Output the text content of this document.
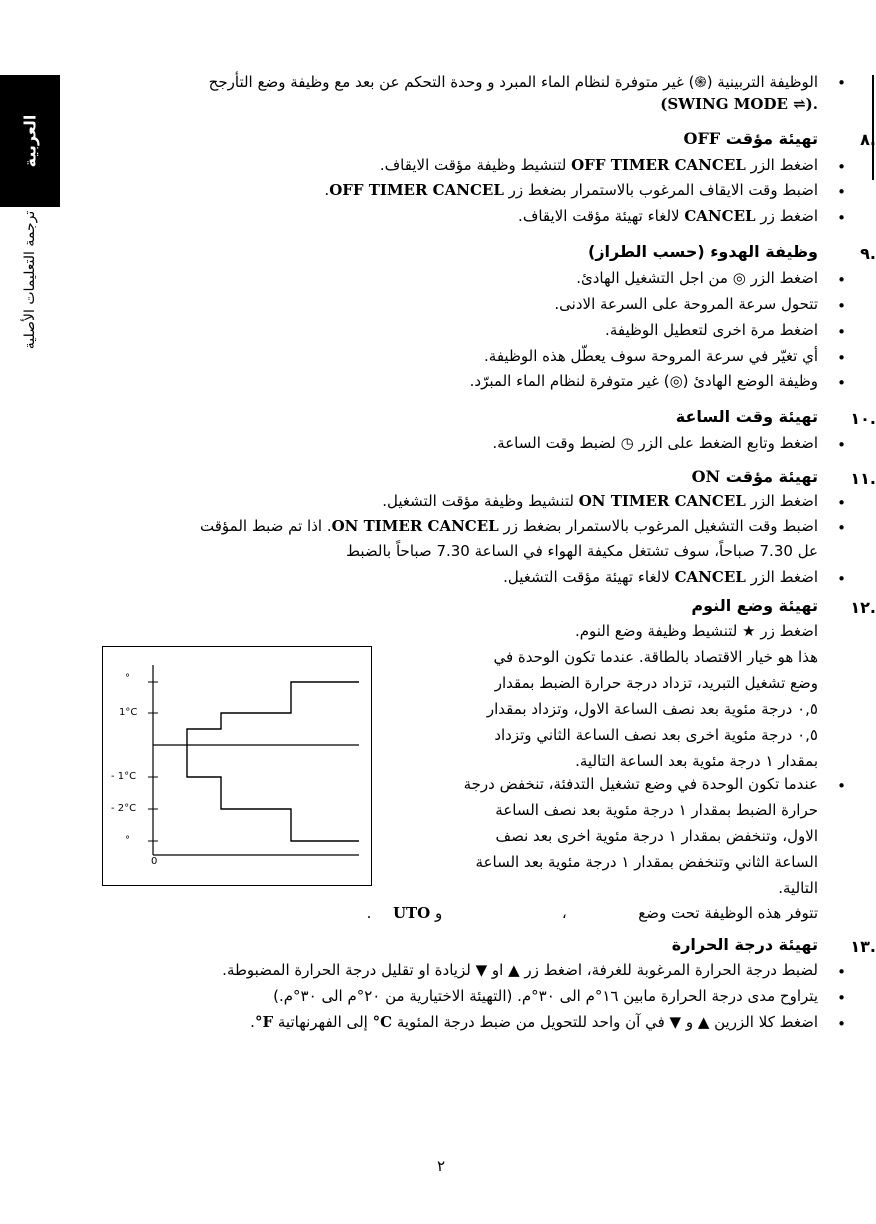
العربية
ترجمة التعليمات الأصلية
•
الوظيفة التربينية (֍) غير متوفرة لنظام الماء المبرد و وحدة التحكم عن بعد مع وظيفة وضع التأرجح
(SWING MODE ⇌).
.٨
تهيئة مؤقت OFF
•
اضغط الزر OFF TIMER CANCEL لتنشيط وظيفة مؤقت الايقاف.
•
اضبط وقت الايقاف المرغوب بالاستمرار بضغط زر OFF TIMER CANCEL.
•
اضغط زر CANCEL لالغاء تهيئة مؤقت الايقاف.
.٩
وظيفة الهدوء (حسب الطراز)
•
اضغط الزر ◎ من اجل التشغيل الهادئ.
•
تتحول سرعة المروحة على السرعة الادنى.
•
اضغط مرة اخرى لتعطيل الوظيفة.
•
أي تغيّر في سرعة المروحة سوف يعطّل هذه الوظيفة.
•
وظيفة الوضع الهادئ (◎) غير متوفرة لنظام الماء المبرّد.
.١٠
تهيئة وقت الساعة
•
اضغط وتابع الضغط على الزر ◷ لضبط وقت الساعة.
.١١
تهيئة مؤقت ON
•
اضغط الزر ON TIMER CANCEL لتنشيط وظيفة مؤقت التشغيل.
•
اضبط وقت التشغيل المرغوب بالاستمرار بضغط زر ON TIMER CANCEL. اذا تم ضبط المؤقت
عل 7.30 صباحاً، سوف تشتغل مكيفة الهواء في الساعة 7.30 صباحاً بالضبط
•
اضغط الزر CANCEL لالغاء تهيئة مؤقت التشغيل.
.١٢
تهيئة وضع النوم
اضغط زر ★ لتنشيط وظيفة وضع النوم.
هذا هو خيار الاقتصاد بالطاقة. عندما تكون الوحدة في
وضع تشغيل التبريد، تزداد درجة حرارة الضبط بمقدار
٠,٥ درجة مئوية بعد نصف الساعة الاول، وتزداد بمقدار
٠,٥ درجة مئوية اخرى بعد نصف الساعة الثاني وتزداد
بمقدار ١ درجة مئوية بعد الساعة التالية.
•
عندما تكون الوحدة في وضع تشغيل التدفئة، تنخفض درجة
حرارة الضبط بمقدار ١ درجة مئوية بعد نصف الساعة
الاول، وتنخفض بمقدار ١ درجة مئوية اخرى بعد نصف
الساعة الثاني وتنخفض بمقدار ١ درجة مئوية بعد الساعة
التالية.
تتوفر هذه الوظيفة تحت وضع  ،  و UTO  .
.١٣
تهيئة درجة الحرارة
•
لضبط درجة الحرارة المرغوبة للغرفة، اضغط زر ▲ او ▼ لزيادة او تقليل درجة الحرارة المضبوطة.
•
يتراوح مدى درجة الحرارة مابين ١٦°م الى ٣٠°م. (التهيئة الاختيارية من ٢٠°م الى ٣٠°م.)
•
اضغط كلا الزرين ▲ و ▼ في آن واحد للتحويل من ضبط درجة المئوية °C إلى الفهرنهاتية °F.
°
1°C
- 1°C
- 2°C
°
0
٢
